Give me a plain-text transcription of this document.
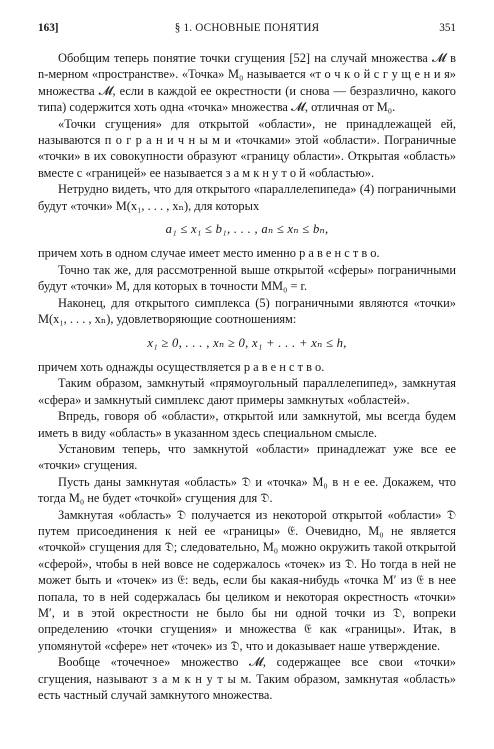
163]	§ 1. ОСНОВНЫЕ ПОНЯТИЯ	351

Обобщим теперь понятие точки сгущения [52] на случай множества 𝓜 в n-мерном «пространстве». «Точка» M₀ называется «т о ч к о й с г у щ е н и я» множества 𝓜, если в каждой ее окрестности (и снова — безразлично, какого типа) содержится хоть одна «точка» множества 𝓜, отличная от M₀.

«Точки сгущения» для открытой «области», не принадлежащей ей, называются п о г р а н и ч н ы м и «точками» этой «области». Пограничные «точки» в их совокупности образуют «границу области». Открытая «область» вместе с «границей» ее называется з а м к н у т о й «областью».

Нетрудно видеть, что для открытого «параллелепипеда» (4) пограничными будут «точки» M(x₁, . . . , xₙ), для которых

a₁ ≤ x₁ ≤ b₁, . . . , aₙ ≤ xₙ ≤ bₙ,

причем хоть в одном случае имеет место именно р а в е н с т в о.

Точно так же, для рассмотренной выше открытой «сферы» пограничными будут «точки» M, для которых в точности MM₀ = r.

Наконец, для открытого симплекса (5) пограничными являются «точки» M(x₁, . . . , xₙ), удовлетворяющие соотношениям:

x₁ ≥ 0, . . . , xₙ ≥ 0, x₁ + . . . + xₙ ≤ h,

причем хоть однажды осуществляется р а в е н с т в о.

Таким образом, замкнутый «прямоугольный параллелепипед», замкнутая «сфера» и замкнутый симплекс дают примеры замкнутых «областей».

Впредь, говоря об «области», открытой или замкнутой, мы всегда будем иметь в виду «область» в указанном здесь специальном смысле.

Установим теперь, что замкнутой «области» принадлежат уже все ее «точки» сгущения.

Пусть даны замкнутая «область» 𝔇 и «точка» M₀ в н е ее. Докажем, что тогда M₀ не будет «точкой» сгущения для 𝔇.

Замкнутая «область» 𝔇 получается из некоторой открытой «области» 𝔇 путем присоединения к ней ее «границы» 𝔈. Очевидно, M₀ не является «точкой» сгущения для 𝔇; следовательно, M₀ можно окружить такой открытой «сферой», чтобы в ней вовсе не содержалось «точек» из 𝔇. Но тогда в ней не может быть и «точек» из 𝔈: ведь, если бы какая-нибудь «точка M′ из 𝔈 в нее попала, то в ней содержалась бы целиком и некоторая окрестность «точки» M′, и в этой окрестности не было бы ни одной точки из 𝔇, вопреки определению «точки сгущения» и множества 𝔈 как «границы». Итак, в упомянутой «сфере» нет «точек» из 𝔇, что и доказывает наше утверждение.

Вообще «точечное» множество 𝓜, содержащее все свои «точки» сгущения, называют з а м к н у т ы м. Таким образом, замкнутая «область» есть частный случай замкнутого множества.
